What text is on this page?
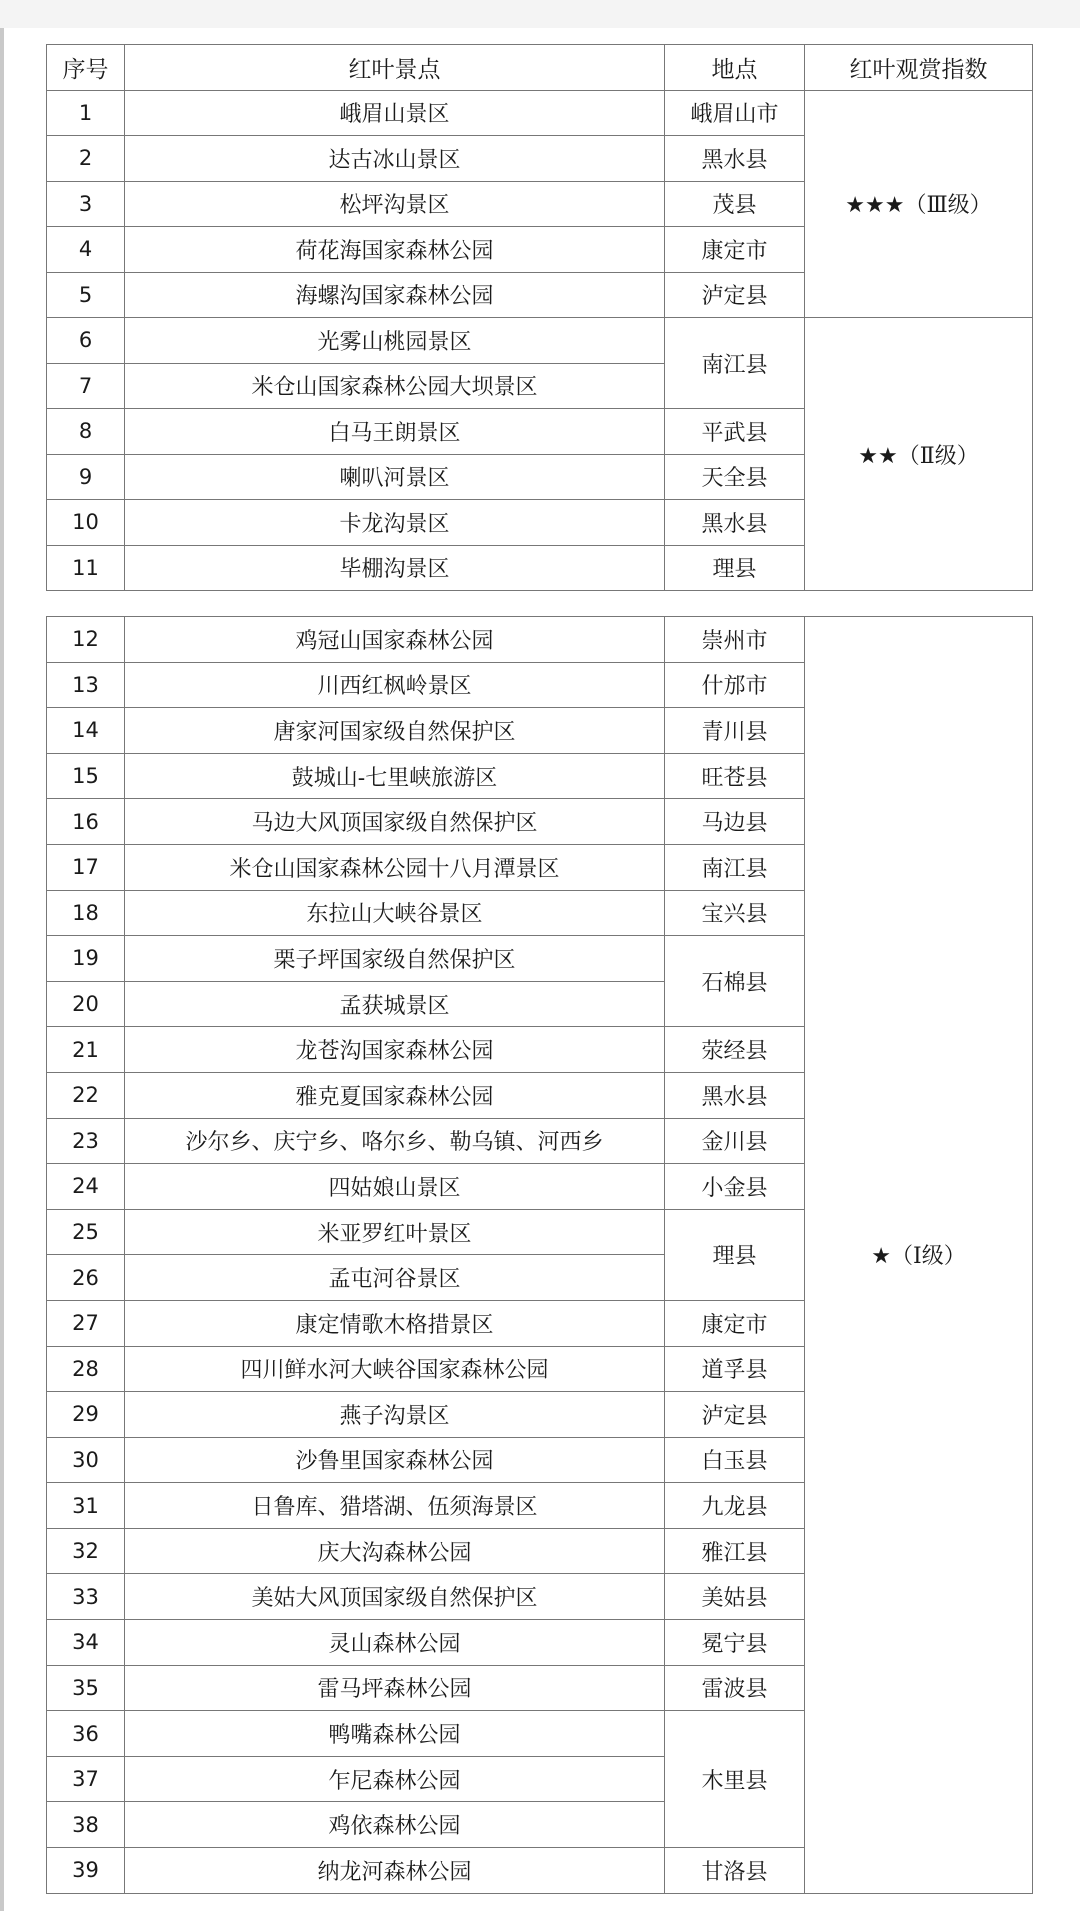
序号	红叶景点	地点	红叶观赏指数
1	峨眉山景区	峨眉山市	★★★（Ⅲ级）
2	达古冰山景区	黑水县	
3	松坪沟景区	茂县	
4	荷花海国家森林公园	康定市	
5	海螺沟国家森林公园	泸定县	
6	光雾山桃园景区	南江县	★★（Ⅱ级）
7	米仓山国家森林公园大坝景区		
8	白马王朗景区	平武县	
9	喇叭河景区	天全县	
10	卡龙沟景区	黑水县	
11	毕棚沟景区	理县	
12	鸡冠山国家森林公园	崇州市	★（Ⅰ级）
13	川西红枫岭景区	什邡市	
14	唐家河国家级自然保护区	青川县	
15	鼓城山-七里峡旅游区	旺苍县	
16	马边大风顶国家级自然保护区	马边县	
17	米仓山国家森林公园十八月潭景区	南江县	
18	东拉山大峡谷景区	宝兴县	
19	栗子坪国家级自然保护区	石棉县	
20	孟获城景区		
21	龙苍沟国家森林公园	荥经县	
22	雅克夏国家森林公园	黑水县	
23	沙尔乡、庆宁乡、咯尔乡、勒乌镇、河西乡	金川县	
24	四姑娘山景区	小金县	
25	米亚罗红叶景区	理县	
26	孟屯河谷景区		
27	康定情歌木格措景区	康定市	
28	四川鲜水河大峡谷国家森林公园	道孚县	
29	燕子沟景区	泸定县	
30	沙鲁里国家森林公园	白玉县	
31	日鲁库、猎塔湖、伍须海景区	九龙县	
32	庆大沟森林公园	雅江县	
33	美姑大风顶国家级自然保护区	美姑县	
34	灵山森林公园	冕宁县	
35	雷马坪森林公园	雷波县	
36	鸭嘴森林公园	木里县	
37	乍尼森林公园		
38	鸡依森林公园		
39	纳龙河森林公园	甘洛县	
